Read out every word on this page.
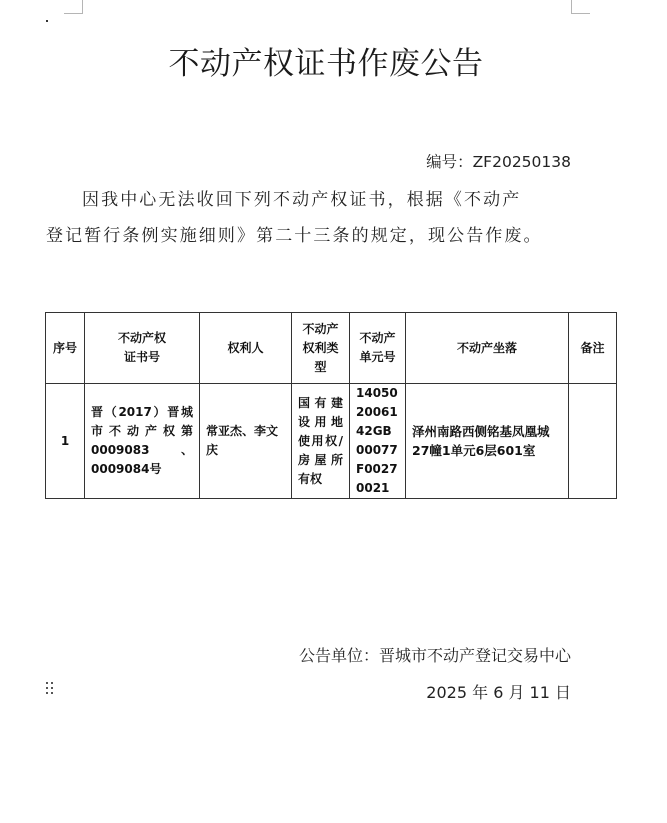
不动产权证书作废公告
编号：ZF20250138
因我中心无法收回下列不动产权证书，根据《不动产
登记暂行条例实施细则》第二十三条的规定，现公告作废。
序号	不动产权证书号	权利人	不动产权利类型	不动产单元号	不动产坐落	备注
1	晋（2017）晋城市不动产权第0009083、0009084号	常亚杰、李文庆	国有建设用地使用权/房屋所有权	140502006142GB00077F00270021	泽州南路西侧铭基凤凰城27幢1单元6层601室	
公告单位：晋城市不动产登记交易中心
2025 年 6 月 11 日
